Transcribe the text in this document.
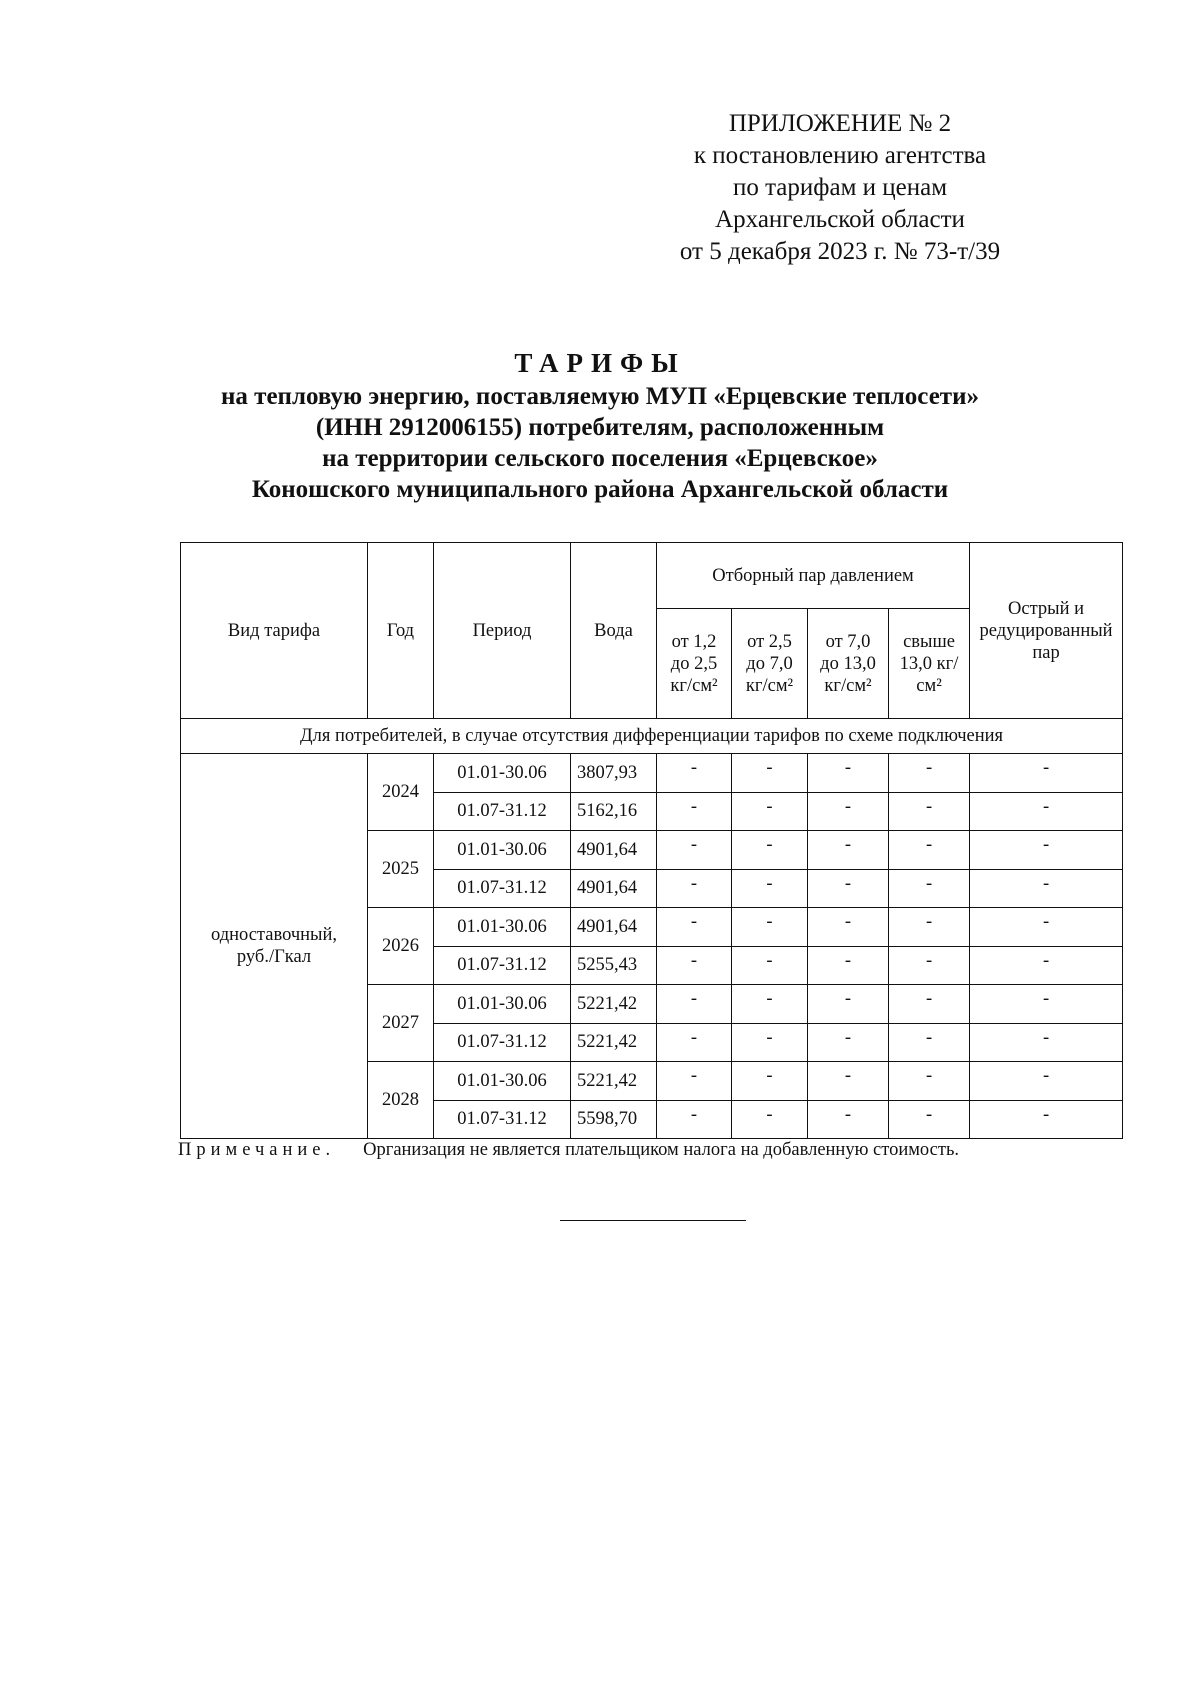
ПРИЛОЖЕНИЕ № 2
к постановлению агентства
по тарифам и ценам
Архангельской области
от 5 декабря 2023 г. № 73-т/39
ТАРИФЫ
на тепловую энергию, поставляемую МУП «Ерцевские теплосети»
(ИНН 2912006155) потребителям, расположенным
на территории сельского поселения «Ерцевское»
Коношского муниципального района Архангельской области
Вид тарифа	Год	Период	Вода	Отборный пар давлением				Острый и редуцированный пар
				от 1,2 до 2,5 кг/см²	от 2,5 до 7,0 кг/см²	от 7,0 до 13,0 кг/см²	свыше 13,0 кг/см²	
Для потребителей, в случае отсутствия дифференциации тарифов по схеме подключения								
одноставочный, руб./Гкал	2024	01.01-30.06	3807,93	-	-	-	-	-
		01.07-31.12	5162,16	-	-	-	-	-
	2025	01.01-30.06	4901,64	-	-	-	-	-
		01.07-31.12	4901,64	-	-	-	-	-
	2026	01.01-30.06	4901,64	-	-	-	-	-
		01.07-31.12	5255,43	-	-	-	-	-
	2027	01.01-30.06	5221,42	-	-	-	-	-
		01.07-31.12	5221,42	-	-	-	-	-
	2028	01.01-30.06	5221,42	-	-	-	-	-
		01.07-31.12	5598,70	-	-	-	-	-
Примечание. Организация не является плательщиком налога на добавленную стоимость.
